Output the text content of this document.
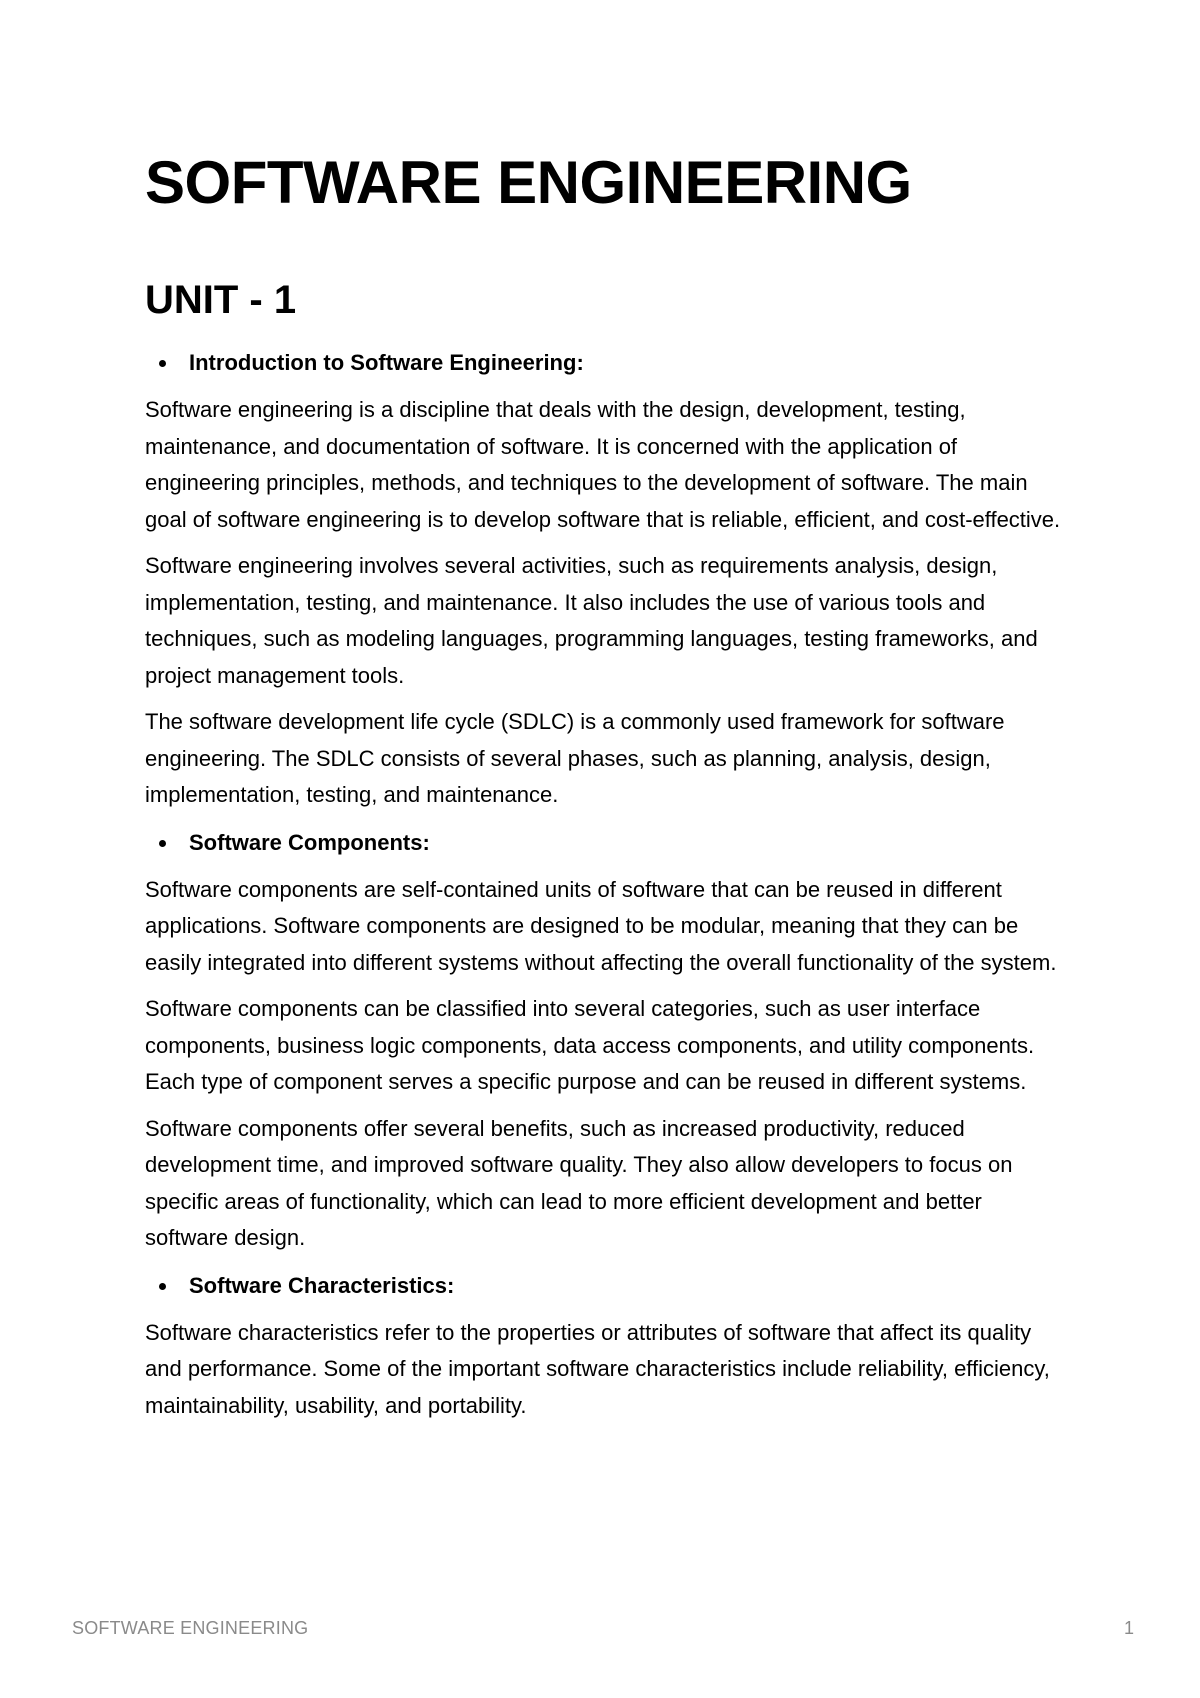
SOFTWARE ENGINEERING
UNIT - 1

Introduction to Software Engineering:

Software engineering is a discipline that deals with the design, development, testing, maintenance, and documentation of software. It is concerned with the application of engineering principles, methods, and techniques to the development of software. The main goal of software engineering is to develop software that is reliable, efficient, and cost-effective.

Software engineering involves several activities, such as requirements analysis, design, implementation, testing, and maintenance. It also includes the use of various tools and techniques, such as modeling languages, programming languages, testing frameworks, and project management tools.

The software development life cycle (SDLC) is a commonly used framework for software engineering. The SDLC consists of several phases, such as planning, analysis, design, implementation, testing, and maintenance.

Software Components:

Software components are self-contained units of software that can be reused in different applications. Software components are designed to be modular, meaning that they can be easily integrated into different systems without affecting the overall functionality of the system.

Software components can be classified into several categories, such as user interface components, business logic components, data access components, and utility components. Each type of component serves a specific purpose and can be reused in different systems.

Software components offer several benefits, such as increased productivity, reduced development time, and improved software quality. They also allow developers to focus on specific areas of functionality, which can lead to more efficient development and better software design.

Software Characteristics:

Software characteristics refer to the properties or attributes of software that affect its quality and performance. Some of the important software characteristics include reliability, efficiency, maintainability, usability, and portability.

SOFTWARE ENGINEERING	1
